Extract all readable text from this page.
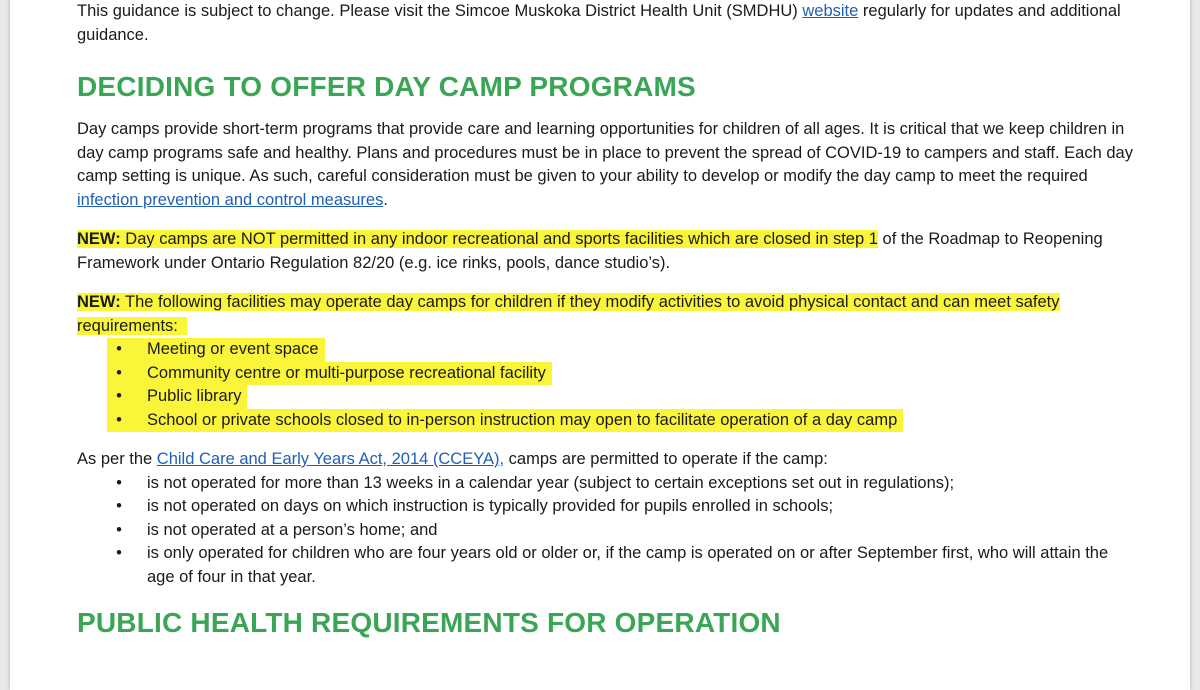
This guidance is subject to change. Please visit the Simcoe Muskoka District Health Unit (SMDHU) website regularly for updates and additional guidance.

DECIDING TO OFFER DAY CAMP PROGRAMS

Day camps provide short-term programs that provide care and learning opportunities for children of all ages. It is critical that we keep children in day camp programs safe and healthy. Plans and procedures must be in place to prevent the spread of COVID-19 to campers and staff. Each day camp setting is unique. As such, careful consideration must be given to your ability to develop or modify the day camp to meet the required infection prevention and control measures.

NEW: Day camps are NOT permitted in any indoor recreational and sports facilities which are closed in step 1 of the Roadmap to Reopening Framework under Ontario Regulation 82/20 (e.g. ice rinks, pools, dance studio’s).

NEW: The following facilities may operate day camps for children if they modify activities to avoid physical contact and can meet safety requirements:

• Meeting or event space
• Community centre or multi-purpose recreational facility
• Public library
• School or private schools closed to in-person instruction may open to facilitate operation of a day camp

As per the Child Care and Early Years Act, 2014 (CCEYA), camps are permitted to operate if the camp:

• is not operated for more than 13 weeks in a calendar year (subject to certain exceptions set out in regulations);
• is not operated on days on which instruction is typically provided for pupils enrolled in schools;
• is not operated at a person’s home; and
• is only operated for children who are four years old or older or, if the camp is operated on or after September first, who will attain the age of four in that year.
PUBLIC HEALTH REQUIREMENTS FOR OPERATION
